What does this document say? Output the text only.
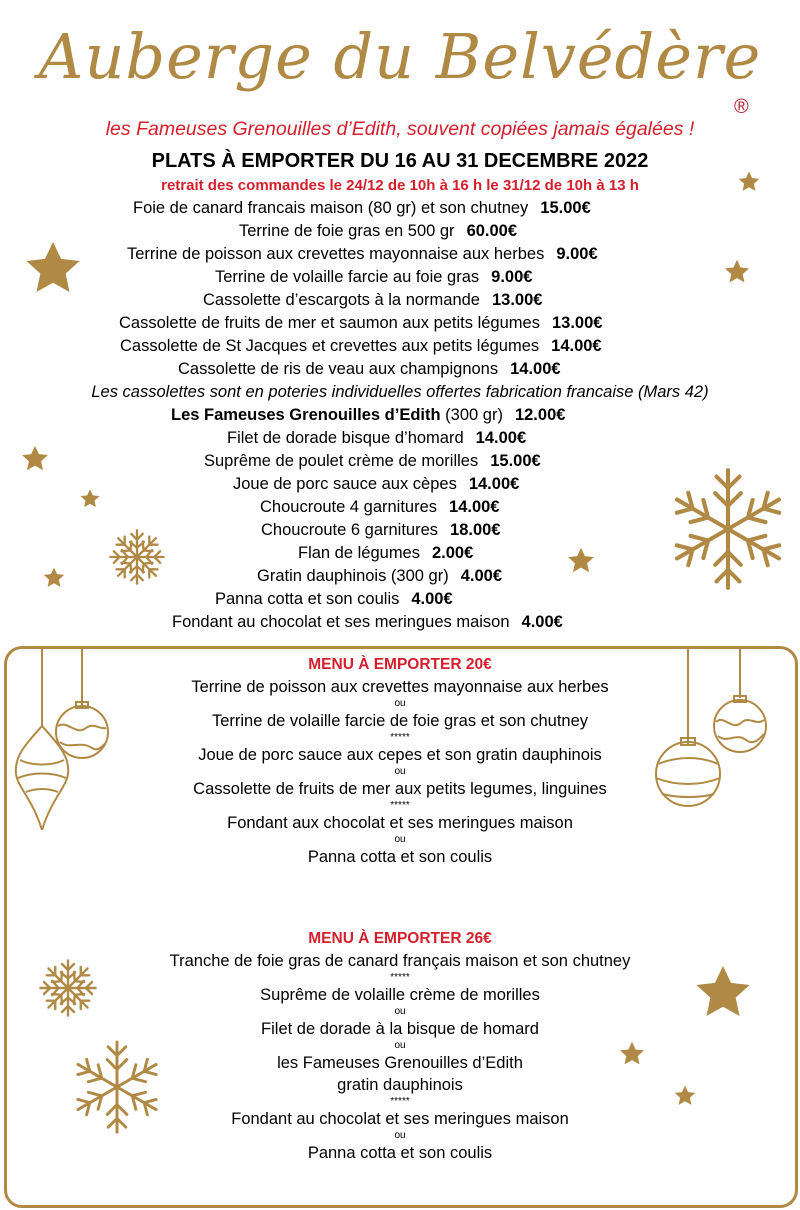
Auberge du Belvédère
®
les Fameuses Grenouilles d’Edith, souvent copiées jamais égalées !
PLATS À EMPORTER DU 16 AU 31 DECEMBRE 2022
retrait des commandes le 24/12 de 10h à 16 h le 31/12 de 10h à 13 h
Foie de canard francais maison (80 gr) et son chutney 15.00€
Terrine de foie gras en 500 gr 60.00€
Terrine de poisson aux crevettes mayonnaise aux herbes 9.00€
Terrine de volaille farcie au foie gras 9.00€
Cassolette d’escargots à la normande 13.00€
Cassolette de fruits de mer et saumon aux petits légumes 13.00€
Cassolette de St Jacques et crevettes aux petits légumes 14.00€
Cassolette de ris de veau aux champignons 14.00€
Les cassolettes sont en poteries individuelles offertes fabrication francaise (Mars 42)
Les Fameuses Grenouilles d’Edith (300 gr) 12.00€
Filet de dorade bisque d’homard 14.00€
Suprême de poulet crème de morilles 15.00€
Joue de porc sauce aux cèpes 14.00€
Choucroute 4 garnitures 14.00€
Choucroute 6 garnitures 18.00€
Flan de légumes 2.00€
Gratin dauphinois (300 gr) 4.00€
Panna cotta et son coulis 4.00€
Fondant au chocolat et ses meringues maison 4.00€
MENU À EMPORTER 20€
Terrine de poisson aux crevettes mayonnaise aux herbes
ou
Terrine de volaille farcie de foie gras et son chutney
*****
Joue de porc sauce aux cepes et son gratin dauphinois
ou
Cassolette de fruits de mer aux petits legumes, linguines
*****
Fondant aux chocolat et ses meringues maison
ou
Panna cotta et son coulis
MENU À EMPORTER 26€
Tranche de foie gras de canard français maison et son chutney
*****
Suprême de volaille crème de morilles
ou
Filet de dorade à la bisque de homard
ou
les Fameuses Grenouilles d’Edith
gratin dauphinois
*****
Fondant au chocolat et ses meringues maison
ou
Panna cotta et son coulis
